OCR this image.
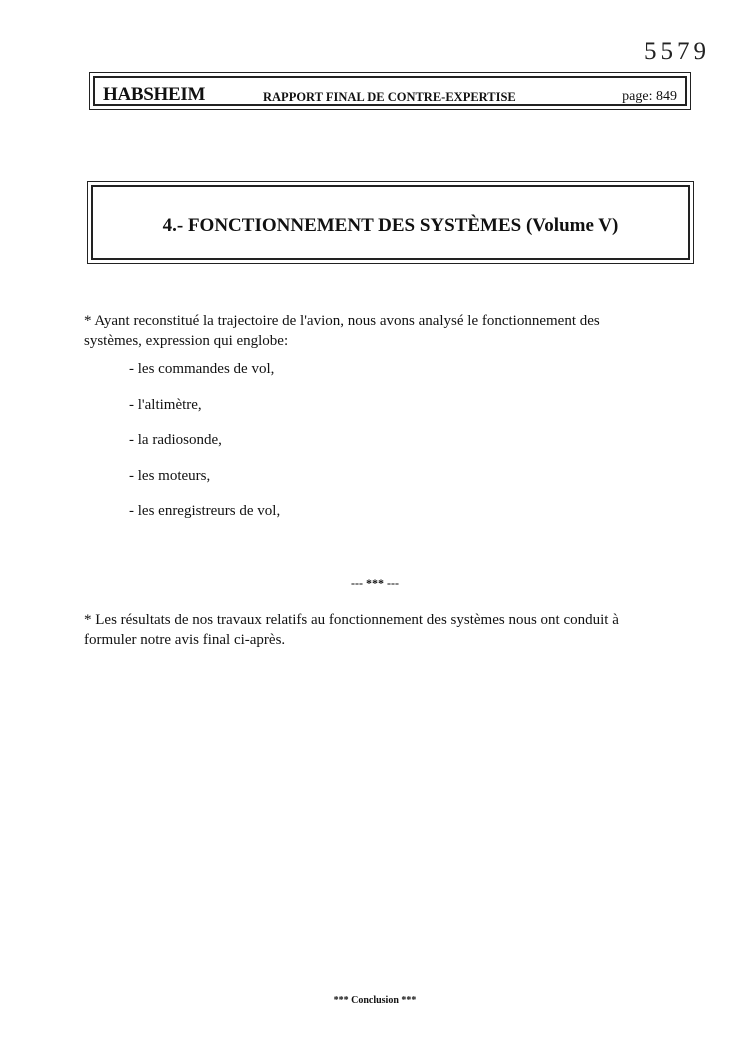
5579
HABSHEIM	RAPPORT FINAL DE CONTRE-EXPERTISE	page: 849
4.- FONCTIONNEMENT DES SYSTÈMES (Volume V)
* Ayant reconstitué la trajectoire de l'avion, nous avons analysé le fonctionnement des systèmes, expression qui englobe:
- les commandes de vol,
- l'altimètre,
- la radiosonde,
- les moteurs,
- les enregistreurs de vol,
--- *** ---
* Les résultats de nos travaux relatifs au fonctionnement des systèmes nous ont conduit à formuler notre avis final ci-après.
*** Conclusion ***
